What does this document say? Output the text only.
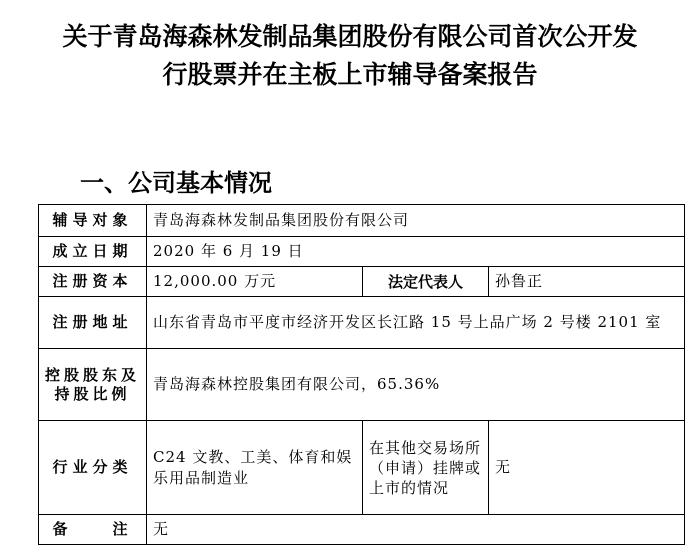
关于青岛海森林发制品集团股份有限公司首次公开发
行股票并在主板上市辅导备案报告
一、公司基本情况
辅导对象	青岛海森林发制品集团股份有限公司		
成立日期	2020 年 6 月 19 日		
注册资本	12,000.00 万元	法定代表人	孙鲁正
注册地址	山东省青岛市平度市经济开发区长江路 15 号上品广场 2 号楼 2101 室		
控股股东及持股比例	青岛海森林控股集团有限公司，65.36%		
行业分类	C24 文教、工美、体育和娱乐用品制造业	在其他交易场所（申请）挂牌或上市的情况	无
备　　注	无		
